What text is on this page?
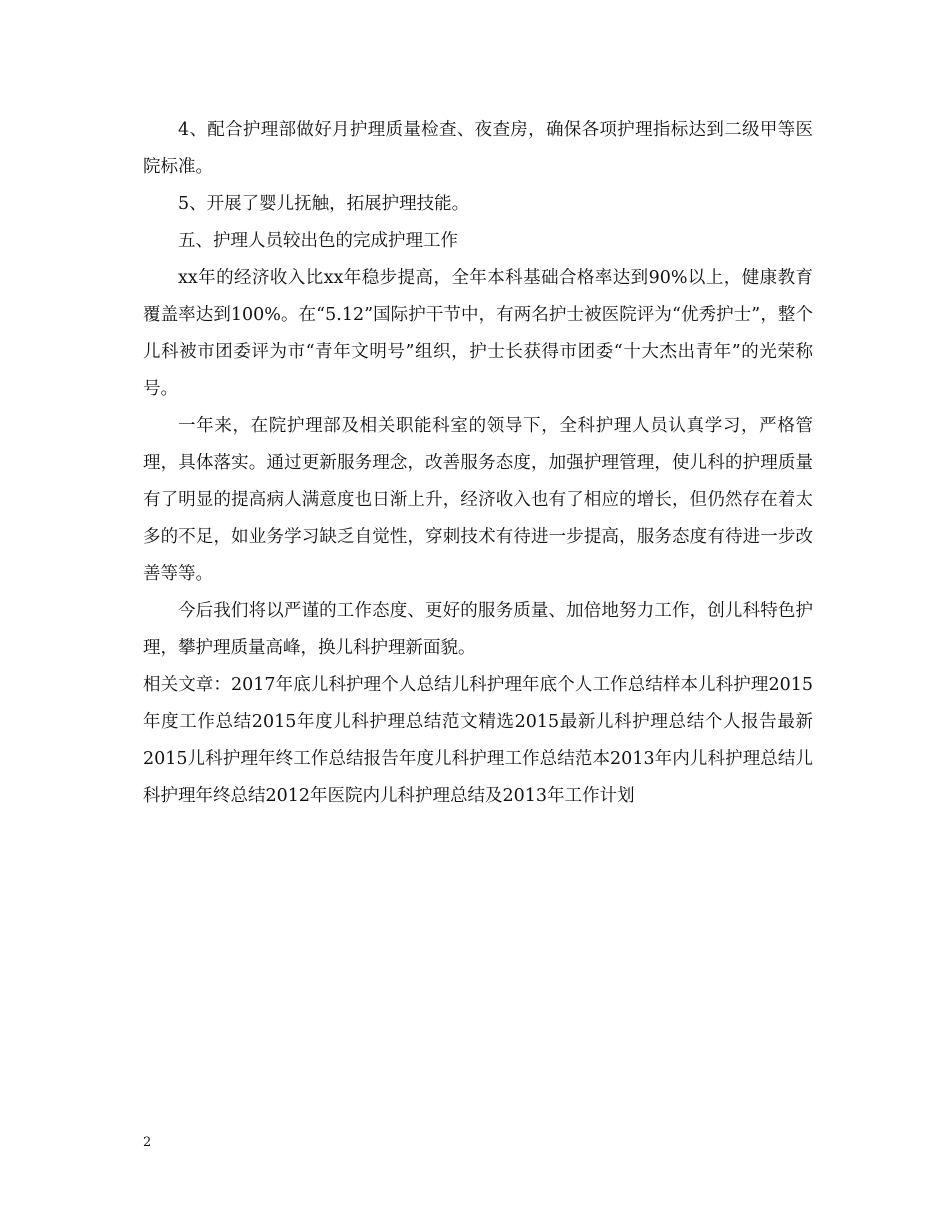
4、配合护理部做好月护理质量检查、夜查房，确保各项护理指标达到二级甲等医院标准。

5、开展了婴儿抚触，拓展护理技能。

五、护理人员较出色的完成护理工作

xx年的经济收入比xx年稳步提高，全年本科基础合格率达到90%以上，健康教育覆盖率达到100%。在“5.12”国际护干节中，有两名护士被医院评为“优秀护士”，整个儿科被市团委评为市“青年文明号”组织，护士长获得市团委“十大杰出青年”的光荣称号。

一年来，在院护理部及相关职能科室的领导下，全科护理人员认真学习，严格管理，具体落实。通过更新服务理念，改善服务态度，加强护理管理，使儿科的护理质量有了明显的提高病人满意度也日渐上升，经济收入也有了相应的增长，但仍然存在着太多的不足，如业务学习缺乏自觉性，穿刺技术有待进一步提高，服务态度有待进一步改善等等。

今后我们将以严谨的工作态度、更好的服务质量、加倍地努力工作，创儿科特色护理，攀护理质量高峰，换儿科护理新面貌。

相关文章：2017年底儿科护理个人总结儿科护理年底个人工作总结样本儿科护理2015年度工作总结2015年度儿科护理总结范文精选2015最新儿科护理总结个人报告最新2015儿科护理年终工作总结报告年度儿科护理工作总结范本2013年内儿科护理总结儿科护理年终总结2012年医院内儿科护理总结及2013年工作计划

2
